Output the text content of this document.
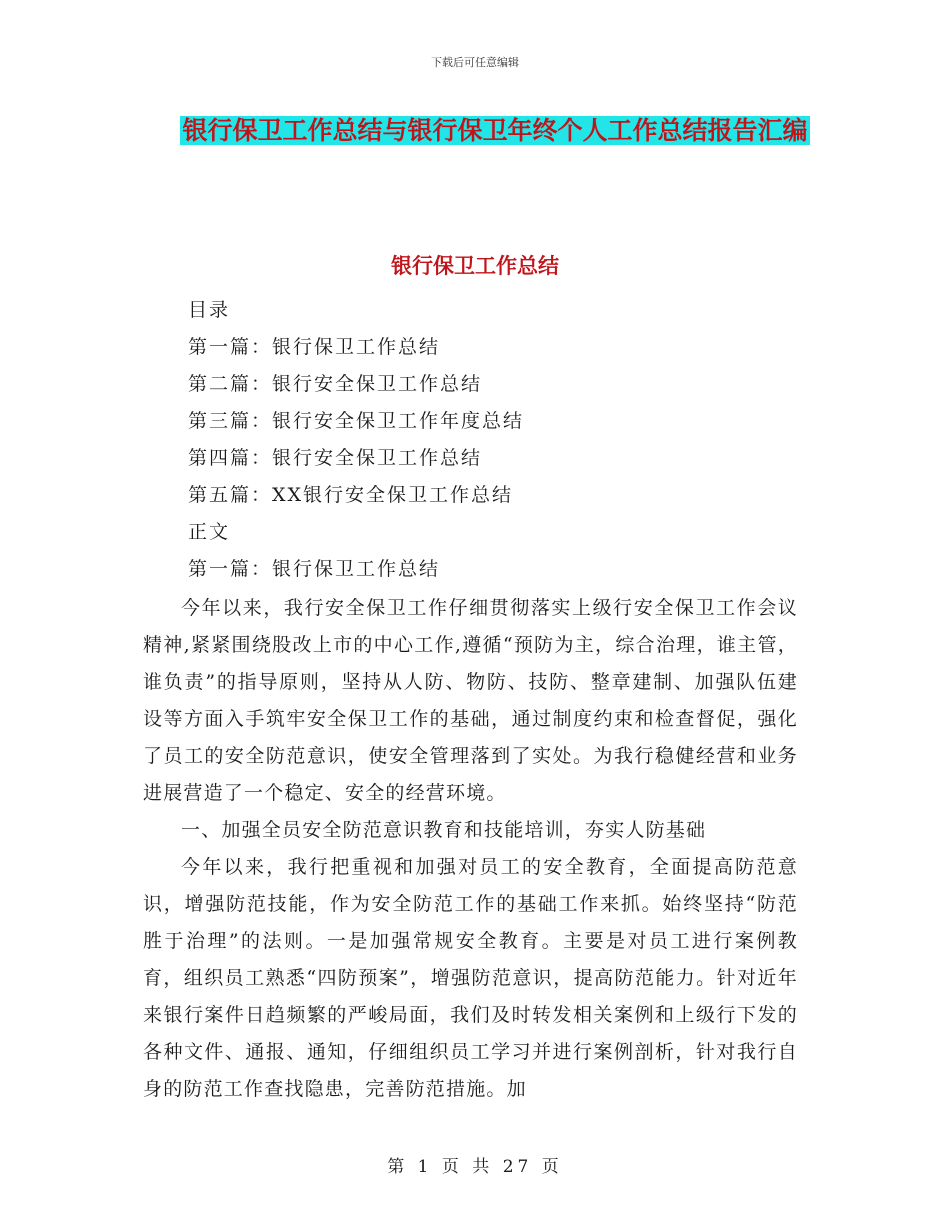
下载后可任意编辑
银行保卫工作总结与银行保卫年终个人工作总结报告汇编
银行保卫工作总结
目录
第一篇：银行保卫工作总结
第二篇：银行安全保卫工作总结
第三篇：银行安全保卫工作年度总结
第四篇：银行安全保卫工作总结
第五篇：XX银行安全保卫工作总结
正文
第一篇：银行保卫工作总结

今年以来，我行安全保卫工作仔细贯彻落实上级行安全保卫工作会议精神,紧紧围绕股改上市的中心工作,遵循“预防为主，综合治理，谁主管，谁负责”的指导原则，坚持从人防、物防、技防、整章建制、加强队伍建设等方面入手筑牢安全保卫工作的基础，通过制度约束和检查督促，强化了员工的安全防范意识，使安全管理落到了实处。为我行稳健经营和业务进展营造了一个稳定、安全的经营环境。

一、加强全员安全防范意识教育和技能培训，夯实人防基础

今年以来，我行把重视和加强对员工的安全教育，全面提高防范意识，增强防范技能，作为安全防范工作的基础工作来抓。始终坚持“防范胜于治理”的法则。一是加强常规安全教育。主要是对员工进行案例教育，组织员工熟悉“四防预案”，增强防范意识，提高防范能力。针对近年来银行案件日趋频繁的严峻局面，我们及时转发相关案例和上级行下发的各种文件、通报、通知，仔细组织员工学习并进行案例剖析，针对我行自身的防范工作查找隐患，完善防范措施。加

第 1 页 共 27 页
